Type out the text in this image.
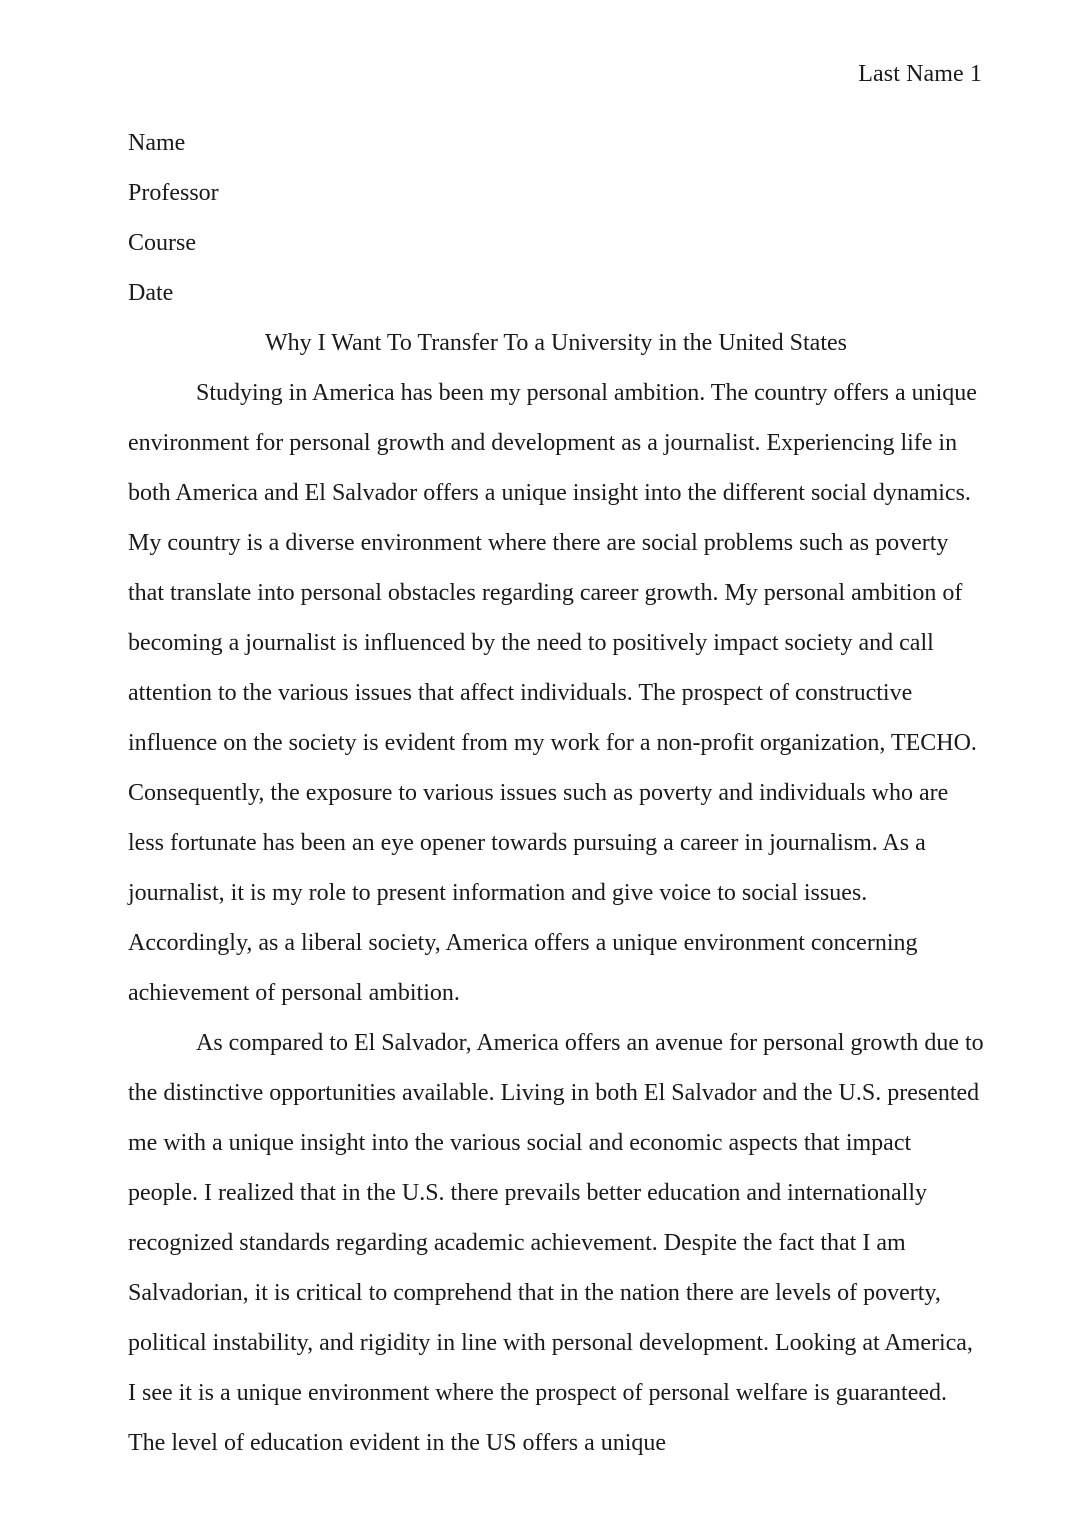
Last Name 1
Name
Professor
Course
Date
Why I Want To Transfer To a University in the United States

Studying in America has been my personal ambition. The country offers a unique environment for personal growth and development as a journalist. Experiencing life in both America and El Salvador offers a unique insight into the different social dynamics. My country is a diverse environment where there are social problems such as poverty that translate into personal obstacles regarding career growth. My personal ambition of becoming a journalist is influenced by the need to positively impact society and call attention to the various issues that affect individuals. The prospect of constructive influence on the society is evident from my work for a non-profit organization, TECHO. Consequently, the exposure to various issues such as poverty and individuals who are less fortunate has been an eye opener towards pursuing a career in journalism. As a journalist, it is my role to present information and give voice to social issues. Accordingly, as a liberal society, America offers a unique environment concerning achievement of personal ambition.

As compared to El Salvador, America offers an avenue for personal growth due to the distinctive opportunities available. Living in both El Salvador and the U.S. presented me with a unique insight into the various social and economic aspects that impact people. I realized that in the U.S. there prevails better education and internationally recognized standards regarding academic achievement. Despite the fact that I am Salvadorian, it is critical to comprehend that in the nation there are levels of poverty, political instability, and rigidity in line with personal development. Looking at America, I see it is a unique environment where the prospect of personal welfare is guaranteed. The level of education evident in the US offers a unique
